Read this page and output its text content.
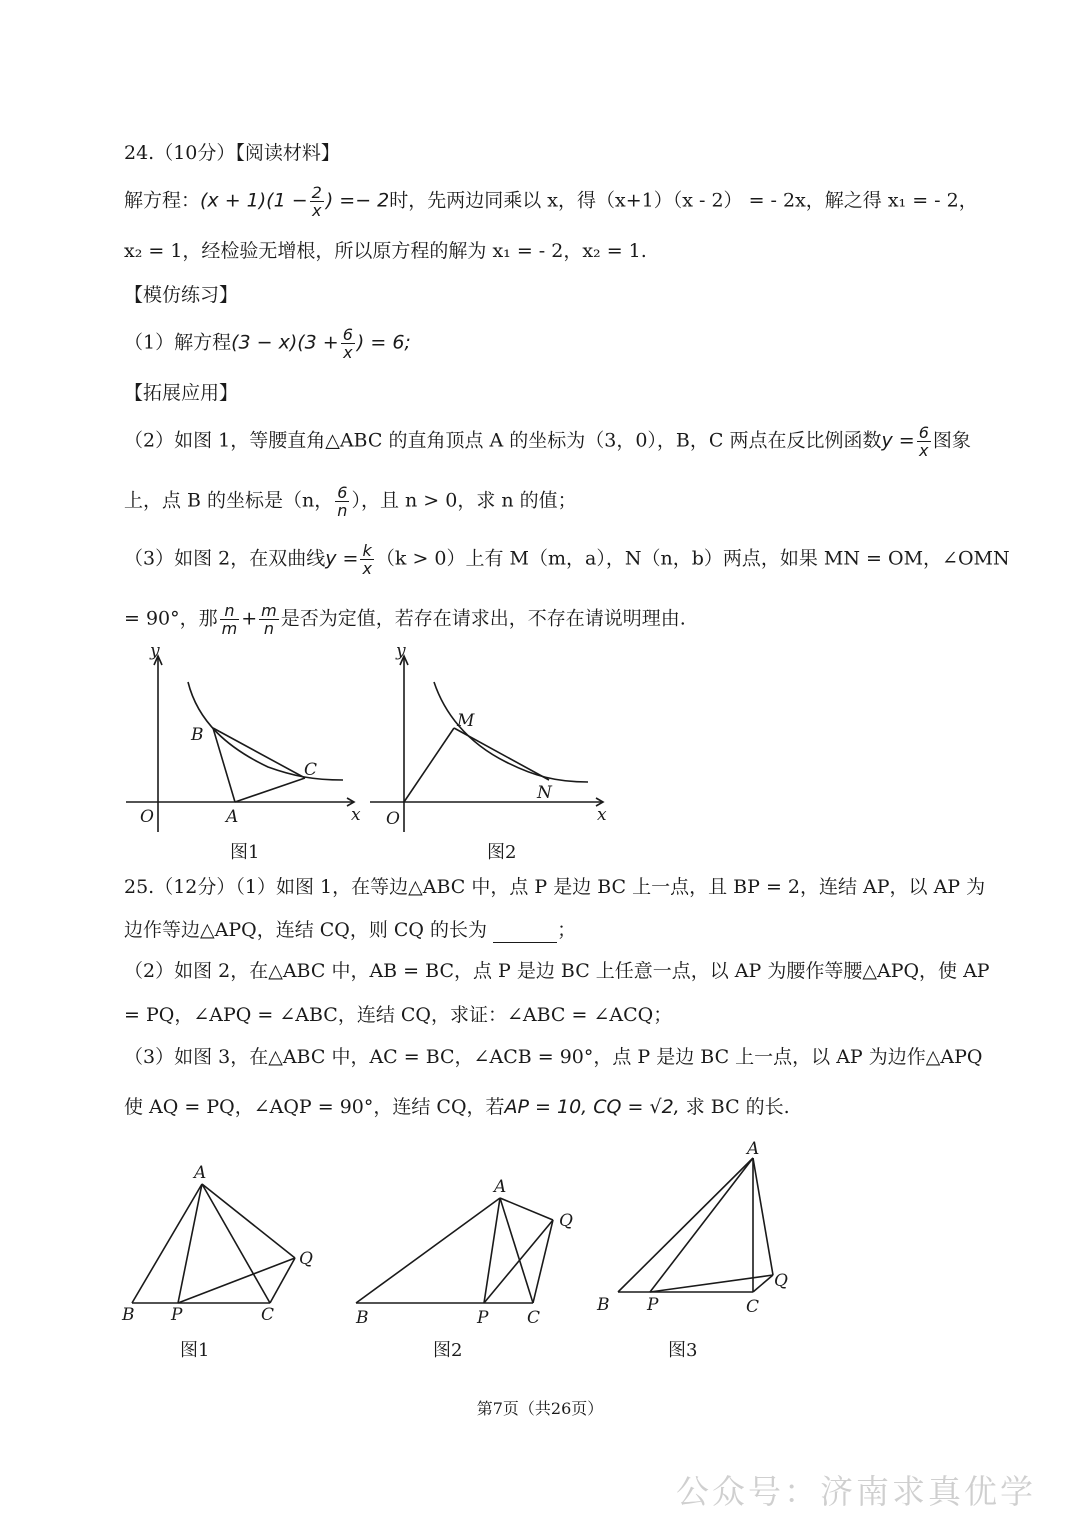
24.（10分）【阅读材料】
解方程：$(x + 1)(1 - \frac{2}{x}$ ) =− 2时，先两边同乘以 x，得（x+1）（x - 2） = - 2x，解之得 x₁ = - 2，
x₂ = 1，经检验无增根，所以原方程的解为 x₁ = - 2，x₂ = 1.
【模仿练习】
（1）解方程$(3 - x)(3 + \frac{6}{x}$ ) = 6;
【拓展应用】
（2）如图 1，等腰直角△ABC 的直角顶点 A 的坐标为（3，0），B，C 两点在反比例函数$y = \frac{6}{x}$ 图象
上，点 B 的坐标是（n， $\frac{6}{n}$ ），且 n > 0，求 n 的值；
（3）如图 2，在双曲线$y = \frac{k}{x} (k > 0)$上有 M（m，a），N（n，b）两点，如果 MN = OM，∠OMN
= 90°，那 $\frac{n}{m} + \frac{m}{n}$ 是否为定值，若存在请求出，不存在请说明理由.
y
x
O	A
B
C
图1
y
x
O
M
N
图2
25.（12分）（1）如图 1，在等边△ABC 中，点 P 是边 BC 上一点，且 BP = 2，连结 AP，以 AP 为
边作等边△APQ，连结 CQ，则 CQ 的长为	；
（2）如图 2，在△ABC 中，AB = BC，点 P 是边 BC 上任意一点，以 AP 为腰作等腰△APQ，使 AP
= PQ，∠APQ = ∠ABC，连结 CQ，求证：∠ABC = ∠ACQ；
（3）如图 3，在△ABC 中，AC = BC，∠ACB = 90°，点 P 是边 BC 上一点，以 AP 为边作△APQ
使 AQ = PQ，∠AQP = 90°，连结 CQ，若AP = 10, CQ = √2, 求 BC 的长.
A
B P	C
Q
图1
A
B	P C
Q
图2
A
B P	C
Q
图3
第7页（共26页）
公众号：济南求真优学
